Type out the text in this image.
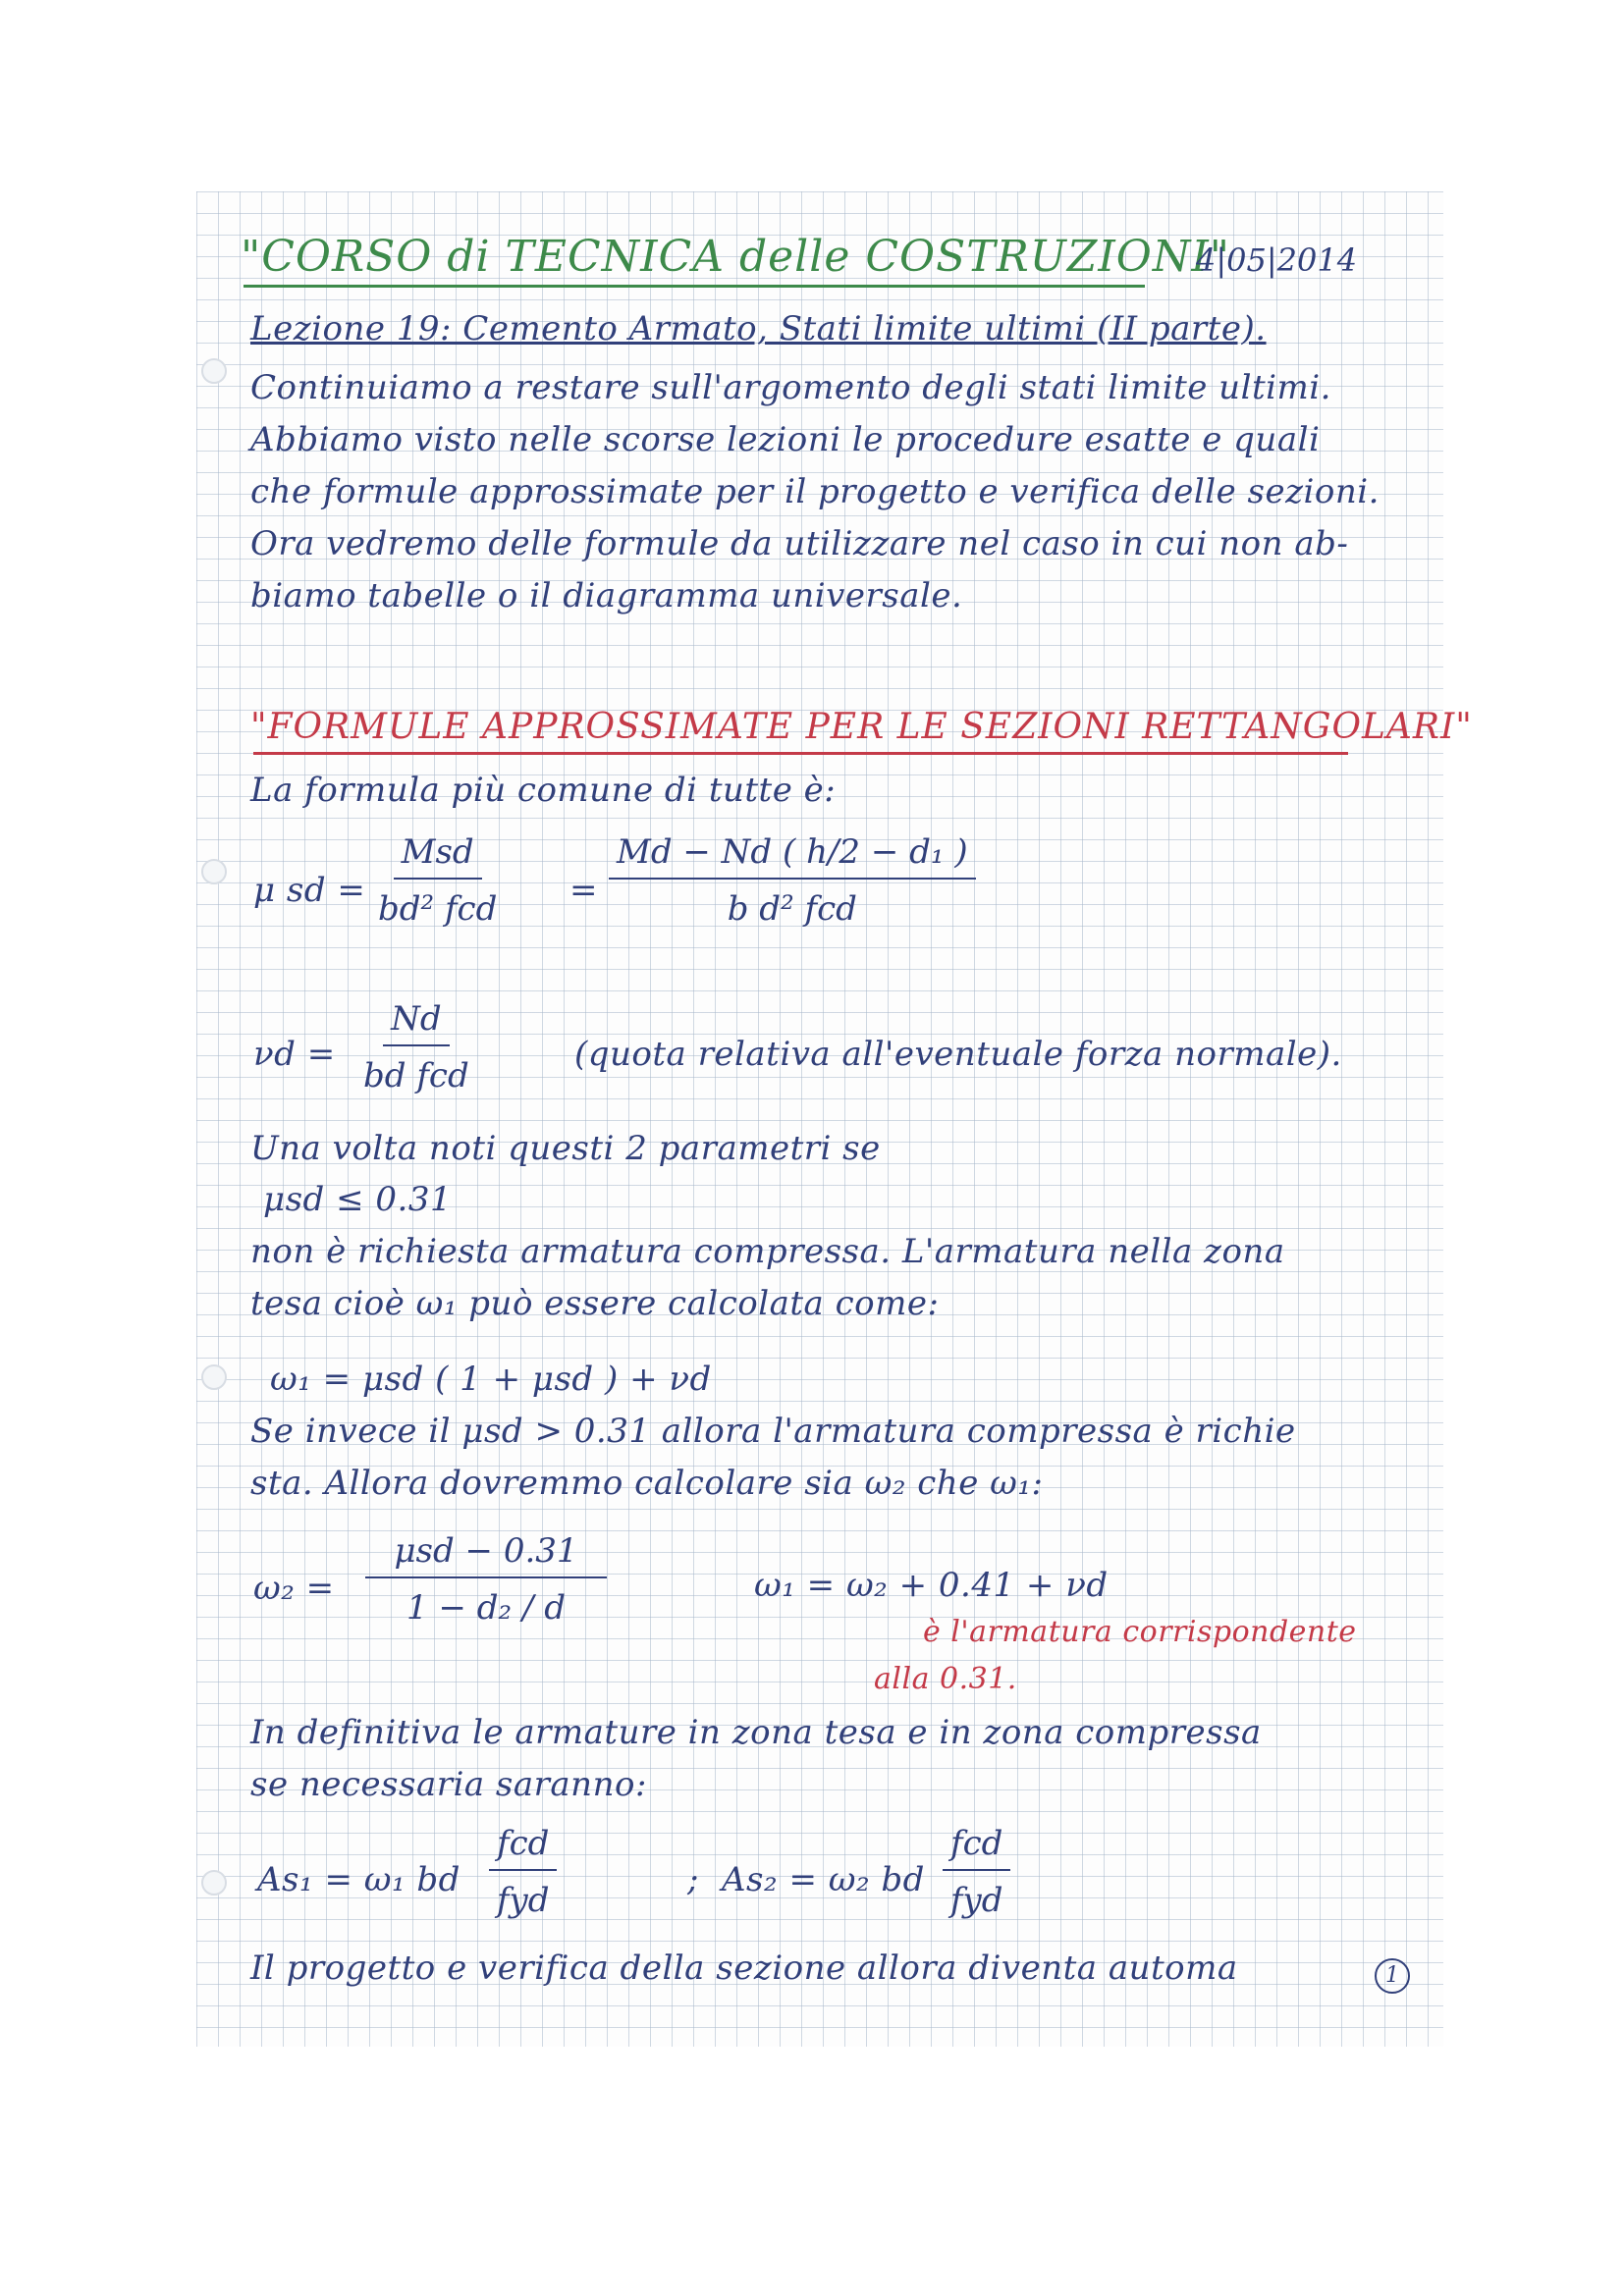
"CORSO di TECNICA delle COSTRUZIONI"
4|05|2014
Lezione 19: Cemento Armato, Stati limite ultimi (II parte).
Continuiamo a restare sull'argomento degli stati limite ultimi.
Abbiamo visto nelle scorse lezioni le procedure esatte e quali
che formule approssimate per il progetto e verifica delle sezioni.
Ora vedremo delle formule da utilizzare nel caso in cui non ab-
biamo tabelle o il diagramma universale.
"FORMULE APPROSSIMATE PER LE SEZIONI RETTANGOLARI"
La formula più comune di tutte è:
μ sd =
Msd
bd² fcd =
Md − Nd ( h/2 − d₁ )
b d² fcd
νd =
Nd
bd fcd
(quota relativa all'eventuale forza normale).
Una volta noti questi 2 parametri se
μsd ≤ 0.31
non è richiesta armatura compressa. L'armatura nella zona
tesa cioè ω₁ può essere calcolata come:
ω₁ = μsd ( 1 + μsd ) + νd
Se invece il μsd > 0.31 allora l'armatura compressa è richie
sta. Allora dovremmo calcolare sia ω₂ che ω₁:
ω₂ =
μsd − 0.31
1 − d₂ / d
ω₁ = ω₂ + 0.41 + νd
è l'armatura corrispondente
alla 0.31.
In definitiva le armature in zona tesa e in zona compressa
se necessaria saranno:
As₁ = ω₁ bd
fcd
fyd
; As₂ = ω₂ bd
fcd
fyd
Il progetto e verifica della sezione allora diventa automa	1
